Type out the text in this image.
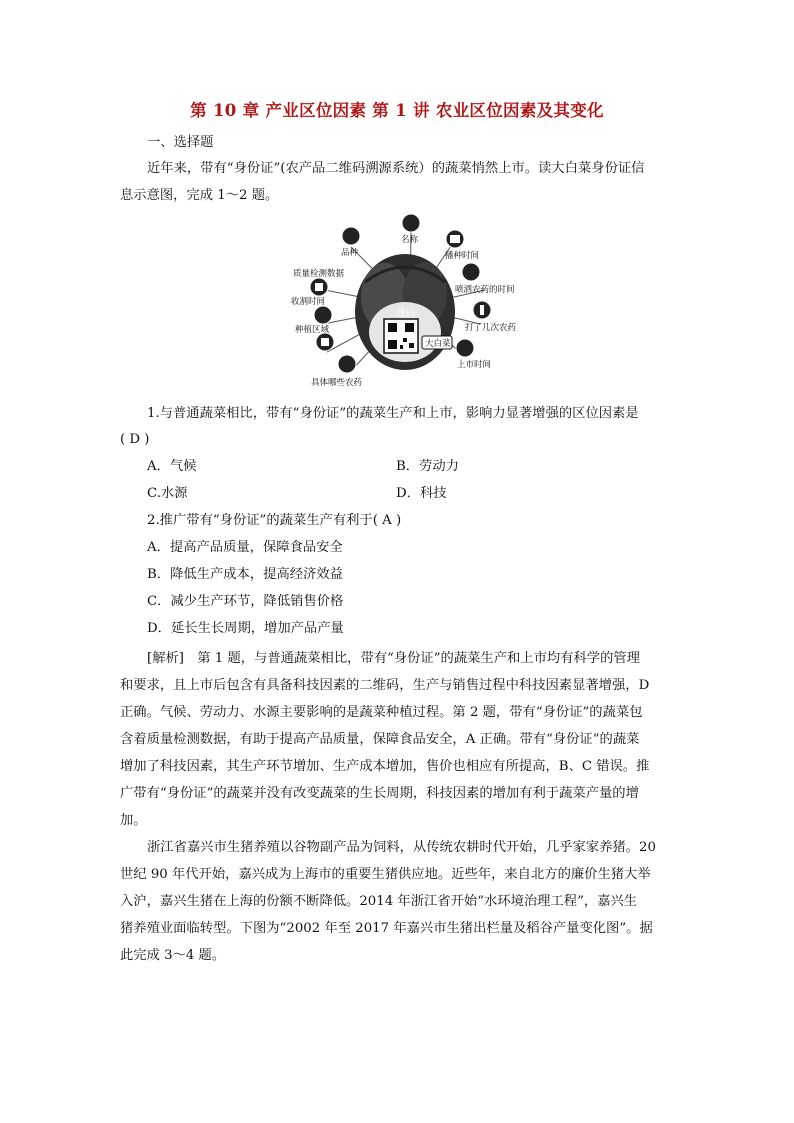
第 10 章 产业区位因素 第 1 讲 农业区位因素及其变化
一、选择题
近年来，带有“身份证”(农产品二维码溯源系统）的蔬菜悄然上市。读大白菜身份证信
息示意图，完成 1～2 题。
二维码
大白菜
品种
名称
播种时间
质量检测数据
收割时间
喷洒农药的时间
种植区域	打了几次农药
具体哪些农药
上市时间
1.与普通蔬菜相比，带有“身份证”的蔬菜生产和上市，影响力显著增强的区位因素是
( D )
A．气候	B．劳动力
C.水源	D．科技
2.推广带有“身份证”的蔬菜生产有利于( A )
A．提高产品质量，保障食品安全
B．降低生产成本，提高经济效益
C．减少生产环节，降低销售价格
D．延长生长周期，增加产品产量
[解析]　第 1 题，与普通蔬菜相比，带有“身份证”的蔬菜生产和上市均有科学的管理
和要求，且上市后包含有具备科技因素的二维码，生产与销售过程中科技因素显著增强，D
正确。气候、劳动力、水源主要影响的是蔬菜种植过程。第 2 题，带有“身份证”的蔬菜包
含着质量检测数据，有助于提高产品质量，保障食品安全，A 正确。带有“身份证”的蔬菜
增加了科技因素，其生产环节增加、生产成本增加，售价也相应有所提高，B、C 错误。推
广带有“身份证”的蔬菜并没有改变蔬菜的生长周期，科技因素的增加有利于蔬菜产量的增
加。
浙江省嘉兴市生猪养殖以谷物副产品为饲料，从传统农耕时代开始，几乎家家养猪。20
世纪 90 年代开始，嘉兴成为上海市的重要生猪供应地。近些年，来自北方的廉价生猪大举
入沪，嘉兴生猪在上海的份额不断降低。2014 年浙江省开始“水环境治理工程”，嘉兴生
猪养殖业面临转型。下图为“2002 年至 2017 年嘉兴市生猪出栏量及稻谷产量变化图”。据
此完成 3～4 题。
